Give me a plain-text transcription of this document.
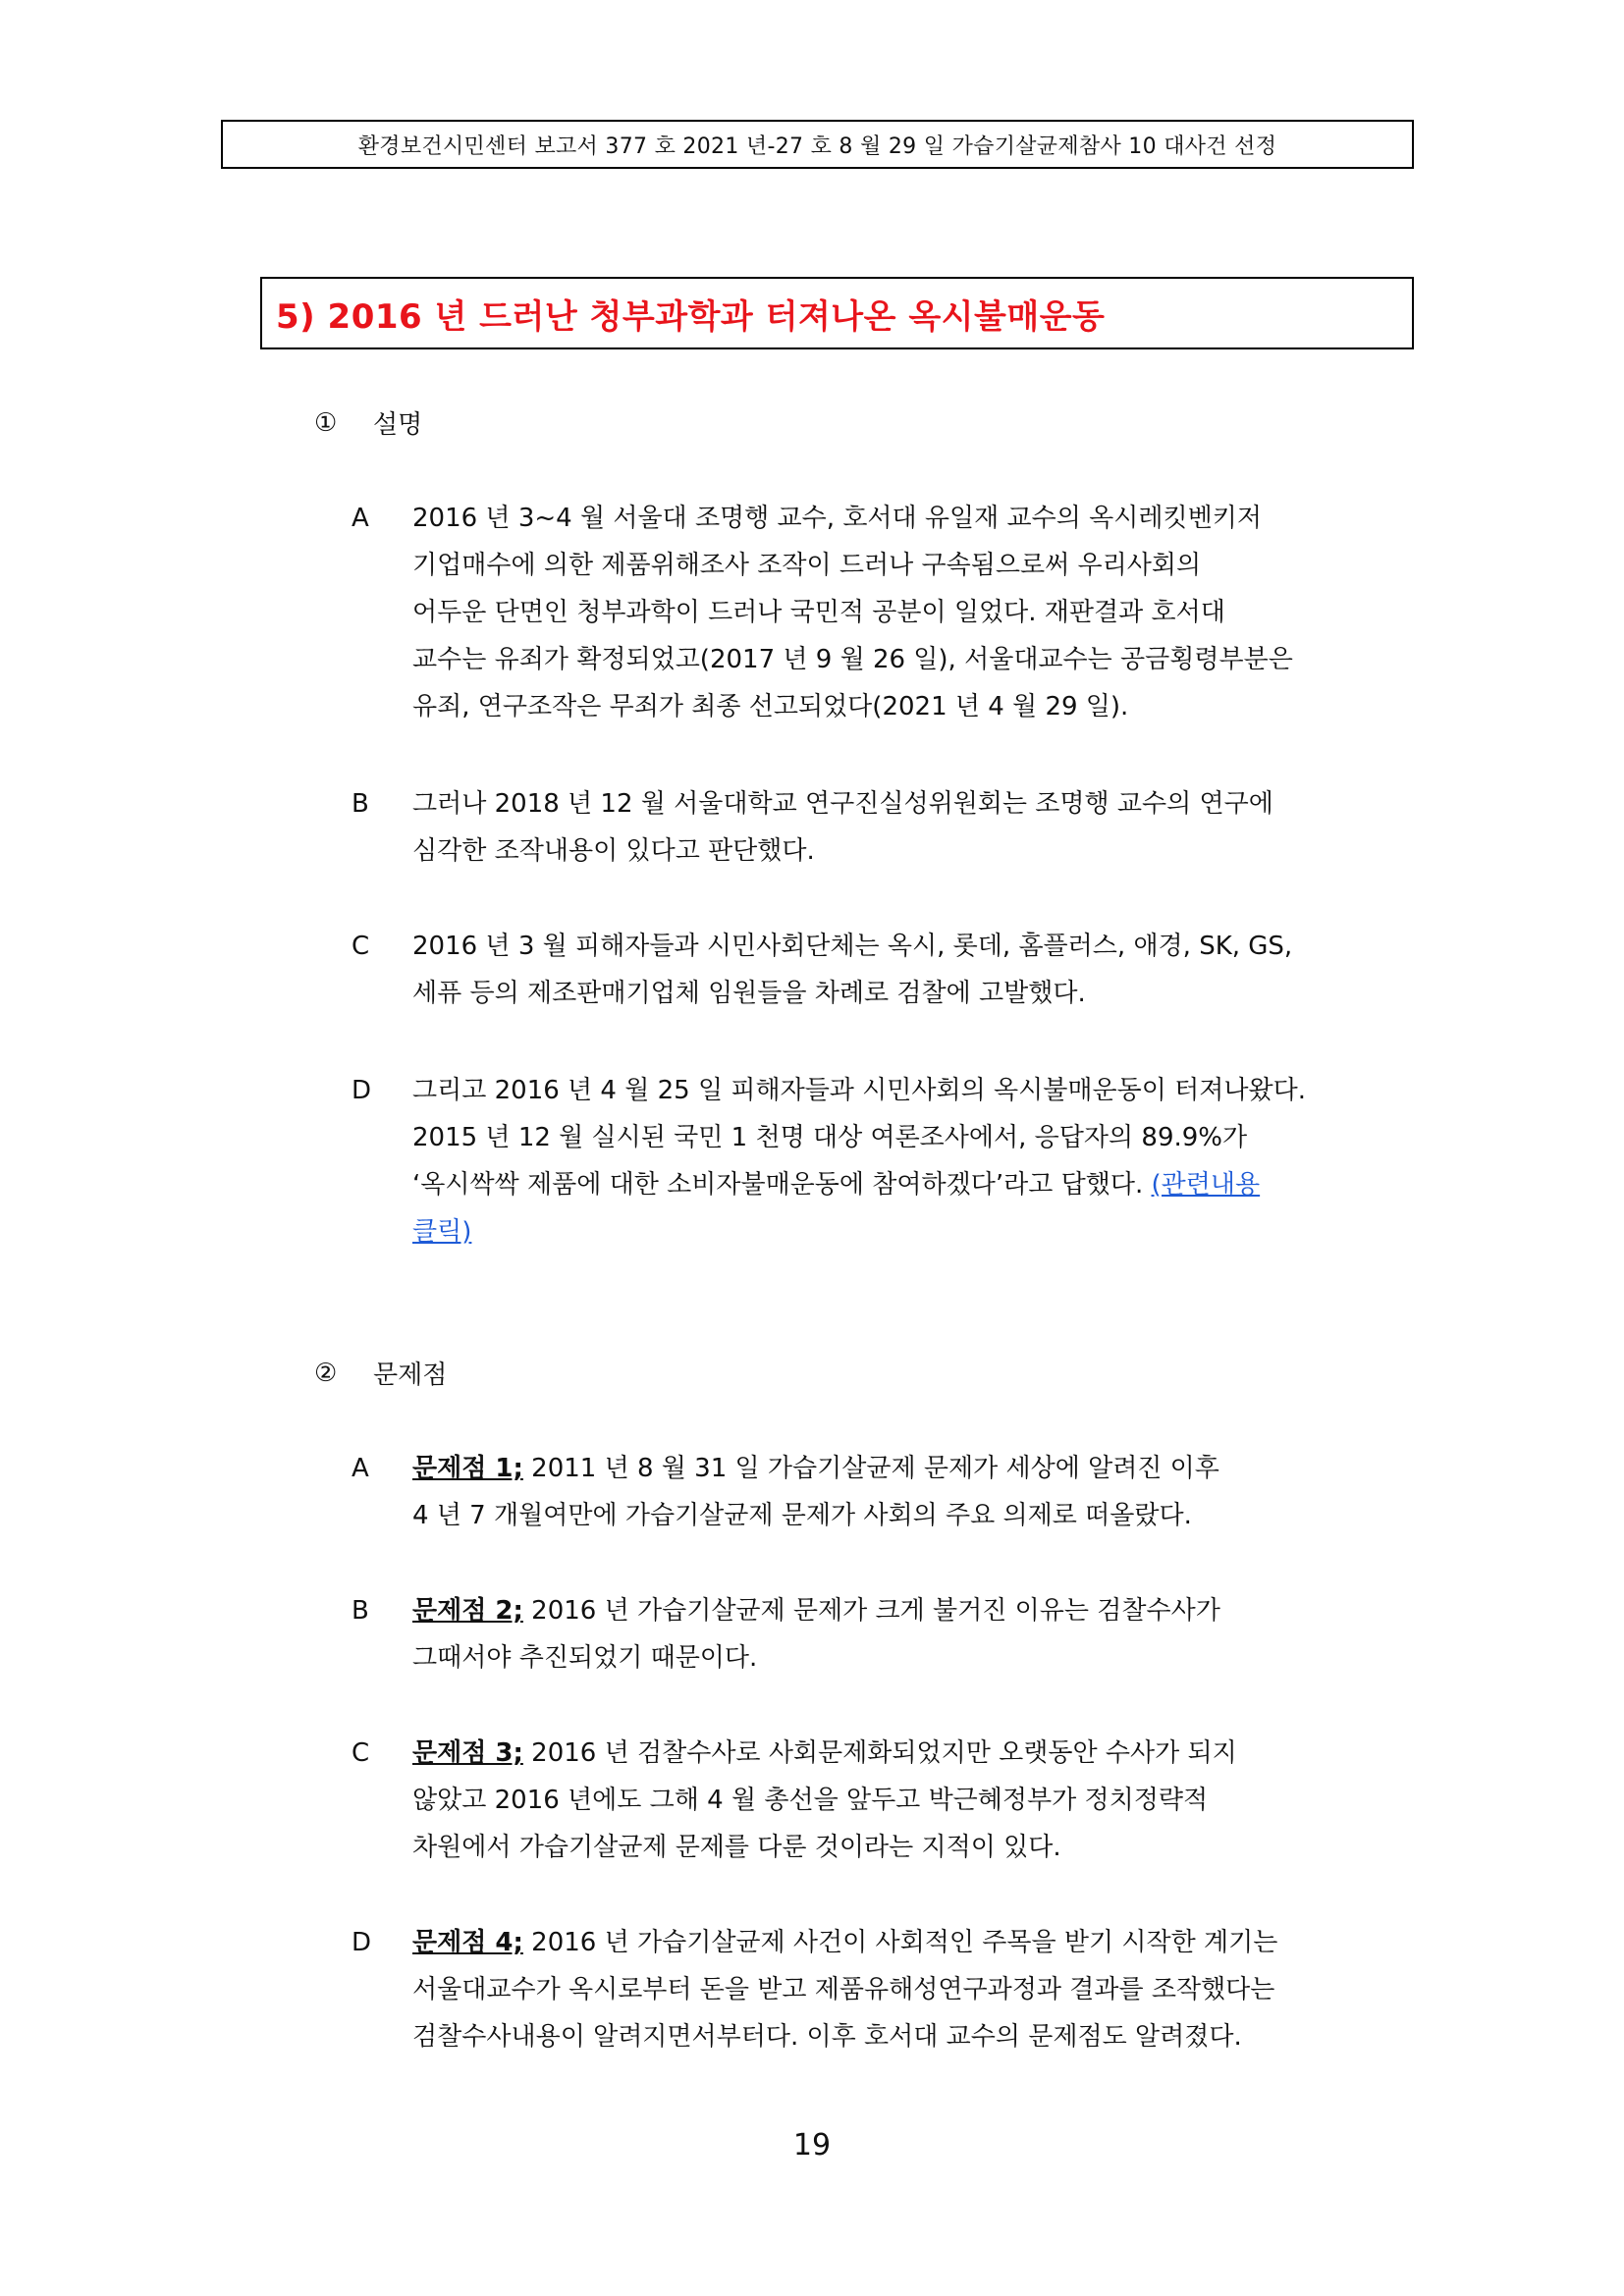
환경보건시민센터 보고서 377 호 2021 년-27 호 8 월 29 일 가습기살균제참사 10 대사건 선정
5) 2016 년 드러난 청부과학과 터져나온 옥시불매운동
①	설명
A	2016 년 3~4 월 서울대 조명행 교수, 호서대 유일재 교수의 옥시레킷벤키저
기업매수에 의한 제품위해조사 조작이 드러나 구속됨으로써 우리사회의
어두운 단면인 청부과학이 드러나 국민적 공분이 일었다. 재판결과 호서대
교수는 유죄가 확정되었고(2017 년 9 월 26 일), 서울대교수는 공금횡령부분은
유죄, 연구조작은 무죄가 최종 선고되었다(2021 년 4 월 29 일).
B	그러나 2018 년 12 월 서울대학교 연구진실성위원회는 조명행 교수의 연구에
심각한 조작내용이 있다고 판단했다.
C	2016 년 3 월 피해자들과 시민사회단체는 옥시, 롯데, 홈플러스, 애경, SK, GS,
세퓨 등의 제조판매기업체 임원들을 차례로 검찰에 고발했다.
D	그리고 2016 년 4 월 25 일 피해자들과 시민사회의 옥시불매운동이 터져나왔다.
2015 년 12 월 실시된 국민 1 천명 대상 여론조사에서, 응답자의 89.9%가
‘옥시싹싹 제품에 대한 소비자불매운동에 참여하겠다’라고 답했다. (관련내용
클릭)
②	문제점
A	문제점 1; 2011 년 8 월 31 일 가습기살균제 문제가 세상에 알려진 이후
4 년 7 개월여만에 가습기살균제 문제가 사회의 주요 의제로 떠올랐다.
B	문제점 2; 2016 년 가습기살균제 문제가 크게 불거진 이유는 검찰수사가
그때서야 추진되었기 때문이다.
C	문제점 3; 2016 년 검찰수사로 사회문제화되었지만 오랫동안 수사가 되지
않았고 2016 년에도 그해 4 월 총선을 앞두고 박근혜정부가 정치정략적
차원에서 가습기살균제 문제를 다룬 것이라는 지적이 있다.
D	문제점 4; 2016 년 가습기살균제 사건이 사회적인 주목을 받기 시작한 계기는
서울대교수가 옥시로부터 돈을 받고 제품유해성연구과정과 결과를 조작했다는
검찰수사내용이 알려지면서부터다. 이후 호서대 교수의 문제점도 알려졌다.
19
